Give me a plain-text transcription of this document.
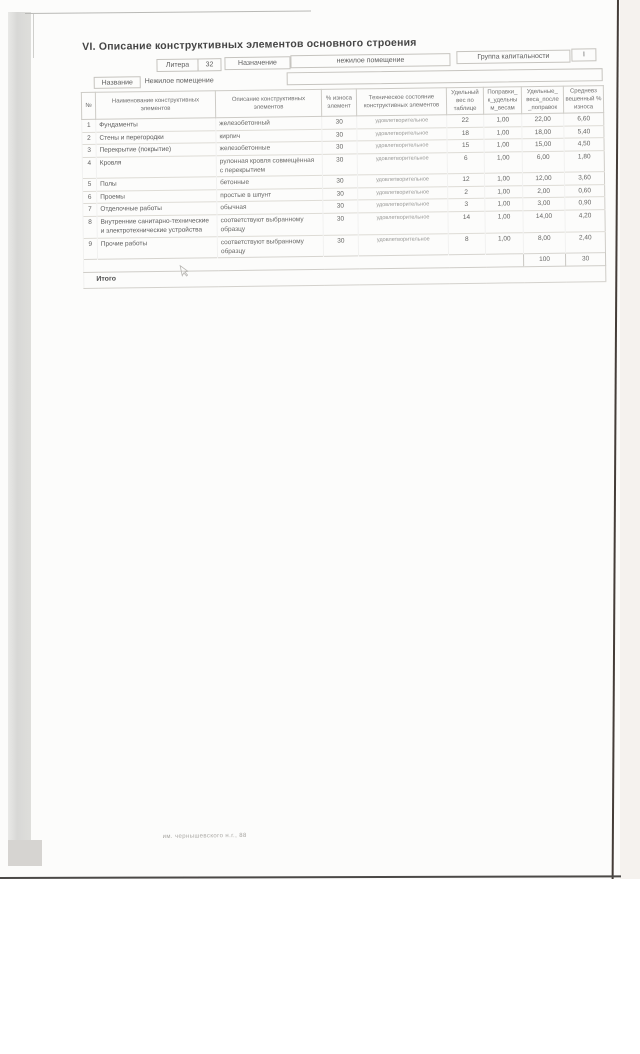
VI. Описание конструктивных элементов основного строения
Литера	32	Назначение	нежилое помещение	Группа капитальности	I
Название	Нежилое помещение
№	Наименование конструктивных элементов	Описание конструктивных элементов	% износа элемент	Техническое состояние конструктивных элементов	Удельный вес по таблице	Поправки_ к_удельны м_весам	Удельные_ веса_после _поправок	Средневз вешенный % износа
1	Фундаменты	железобетонный	30	удовлетворительное	22	1,00	22,00	6,60
2	Стены и перегородки	кирпич	30	удовлетворительное	18	1,00	18,00	5,40
3	Перекрытие (покрытие)	железобетонные	30	удовлетворительное	15	1,00	15,00	4,50
4	Кровля	рулонная кровля совмещённая с перекрытием	30	удовлетворительное	6	1,00	6,00	1,80
5	Полы	бетонные	30	удовлетворительное	12	1,00	12,00	3,60
6	Проемы	простые в шпунт	30	удовлетворительное	2	1,00	2,00	0,60
7	Отделочные работы	обычная	30	удовлетворительное	3	1,00	3,00	0,90
8	Внутренние санитарно-технические и электротехнические устройства	соответствуют выбранному образцу	30	удовлетворительное	14	1,00	14,00	4,20
9	Прочие работы	соответствуют выбранному образцу	30	удовлетворительное	8	1,00	8,00	2,40
							100	30
Итого								
им. чернышевского н.г., 88
